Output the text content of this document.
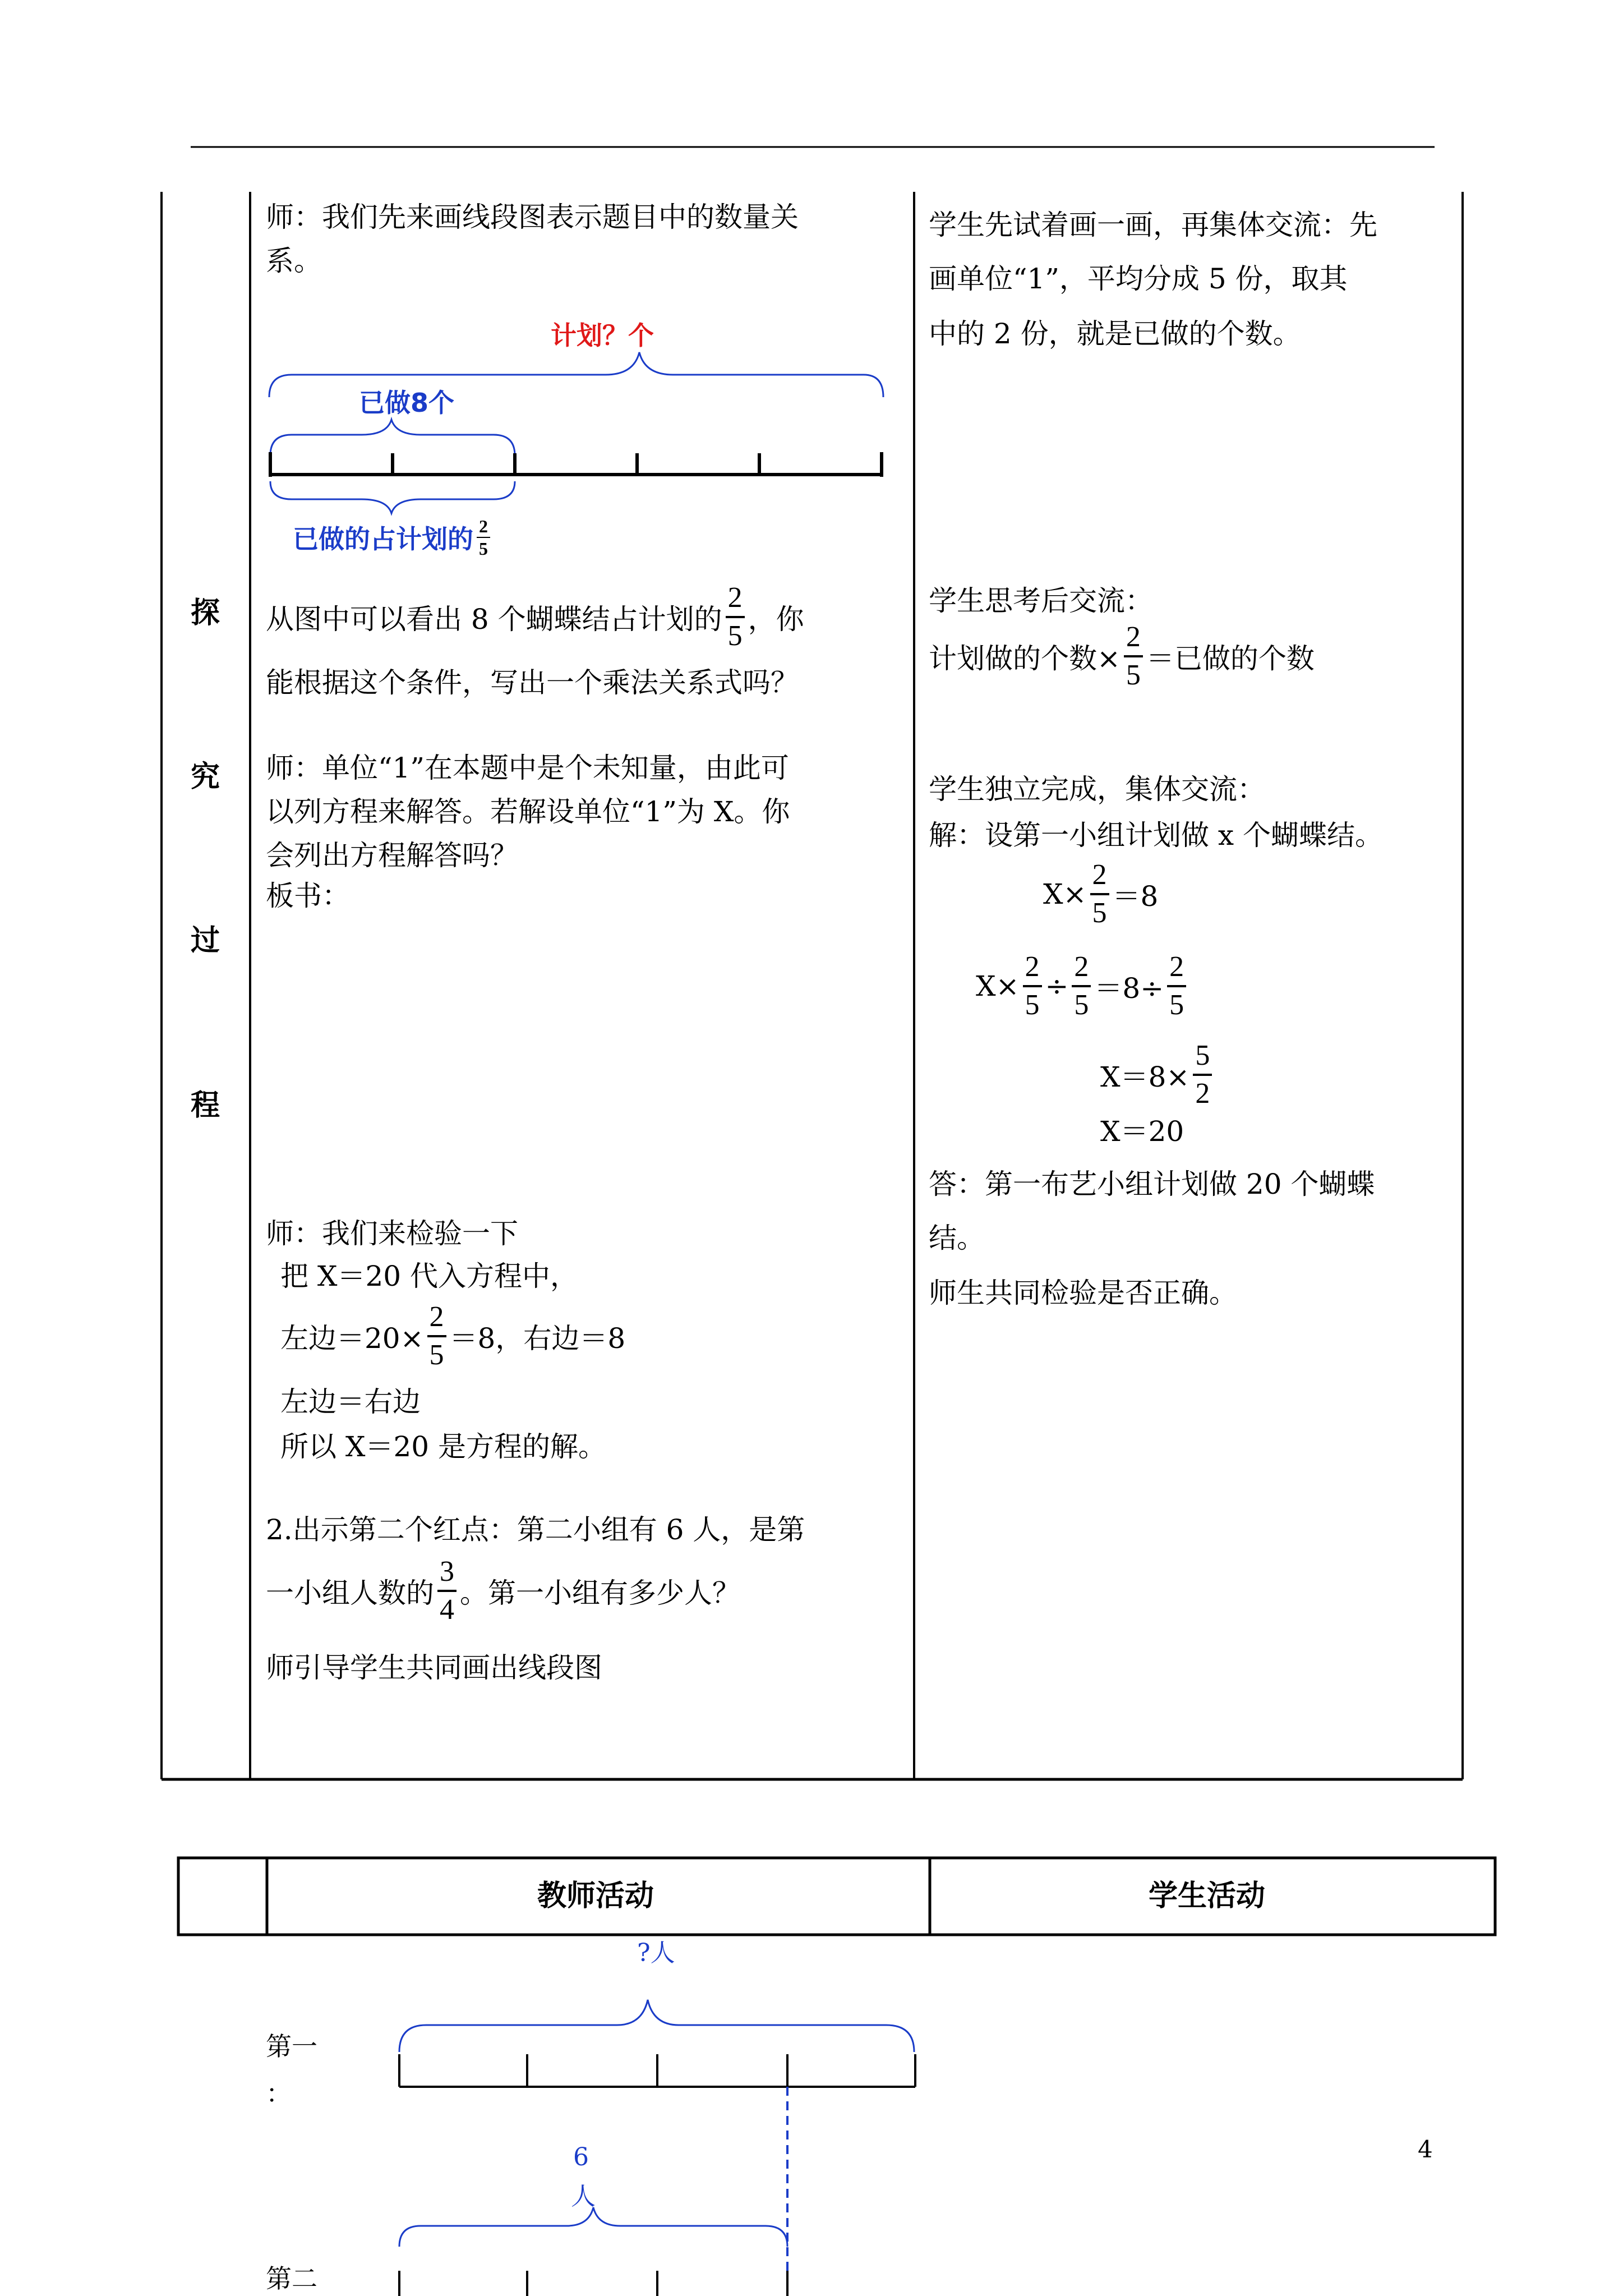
探
究
过
程
师：我们先来画线段图表示题目中的数量关
系。
计划？个
已做8个
已做的占计划的 $\frac{2}{5}$
从图中可以看出 8 个蝴蝶结占计划的 $\frac{2}{5}$ ，你
能根据这个条件，写出一个乘法关系式吗？
师：单位“1”在本题中是个未知量，由此可
以列方程来解答。若解设单位“1”为 X。你
会列出方程解答吗？
板书：
师：我们来检验一下
把 X＝20 代入方程中，
左边$=20\times \frac{2}{5} =8$，右边＝8
左边＝右边
所以 X＝20 是方程的解。
2.出示第二个红点：第二小组有 6 人，是第
一小组人数的 $\frac{3}{4}$ 。第一小组有多少人？
师引导学生共同画出线段图
学生先试着画一画，再集体交流：先
画单位“1”，平均分成 5 份，取其
中的 2 份，就是已做的个数。
学生思考后交流：
计划做的个数× $\frac{2}{5}$ ＝已做的个数
学生独立完成，集体交流：
解：设第一小组计划做 x 个蝴蝶结。
$X\times \frac{2}{5} =8$
$X\times \frac{2}{5} \div \frac{2}{5} =8\div \frac{2}{5}$
$X=8\times \frac{5}{2}$
X＝20
答：第一布艺小组计划做 20 个蝴蝶
结。
师生共同检验是否正确。
教师活动	学生活动
?人
第一
：
6
人
第二
4
